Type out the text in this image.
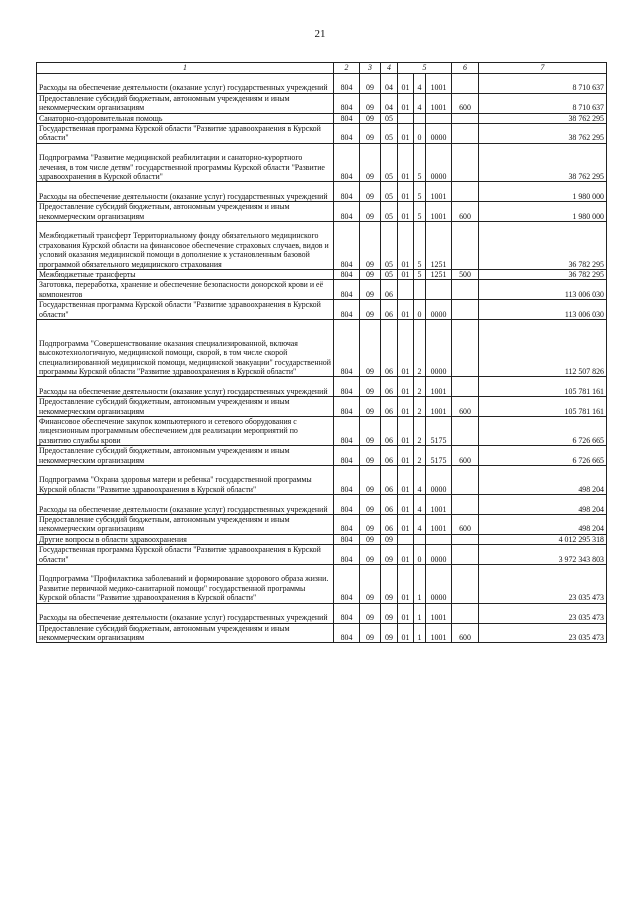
21
1	2	3	4	5			6	7
Расходы на обеспечение деятельности (оказание услуг) государственных учреждений	804	09	04	01	4	1001		8 710 637
Предоставление субсидий бюджетным, автономным учреждениям и иным некоммерческим организациям	804	09	04	01	4	1001	600	8 710 637
Санаторно-оздоровительная помощь	804	09	05					38 762 295
Государственная программа Курской области "Развитие здравоохранения в Курской области"	804	09	05	01	0	0000		38 762 295
Подпрограмма "Развитие медицинской реабилитации и санаторно-курортного лечения, в том числе детям" государственной программы Курской области "Развитие здравоохранения в Курской области"	804	09	05	01	5	0000		38 762 295
Расходы на обеспечение деятельности (оказание услуг) государственных учреждений	804	09	05	01	5	1001		1 980 000
Предоставление субсидий бюджетным, автономным учреждениям и иным некоммерческим организациям	804	09	05	01	5	1001	600	1 980 000
Межбюджетный трансферт Территориальному фонду обязательного медицинского страхования Курской области на финансовое обеспечение страховых случаев, видов и условий оказания медицинской помощи в дополнение к установленным базовой программой обязательного медицинского страхования	804	09	05	01	5	1251		36 782 295
Межбюджетные трансферты	804	09	05	01	5	1251	500	36 782 295
Заготовка, переработка, хранение и обеспечение безопасности донорской крови и её компонентов	804	09	06					113 006 030
Государственная программа Курской области "Развитие здравоохранения в Курской области"	804	09	06	01	0	0000		113 006 030
Подпрограмма "Совершенствование оказания специализированной, включая высокотехнологичную, медицинской помощи, скорой, в том числе скорой специализированной медицинской помощи, медицинской эвакуации" государственной программы Курской области "Развитие здравоохранения в Курской области"	804	09	06	01	2	0000		112 507 826
Расходы на обеспечение деятельности (оказание услуг) государственных учреждений	804	09	06	01	2	1001		105 781 161
Предоставление субсидий бюджетным, автономным учреждениям и иным некоммерческим организациям	804	09	06	01	2	1001	600	105 781 161
Финансовое обеспечение закупок компьютерного и сетевого оборудования с лицензионным программным обеспечением для реализации мероприятий по развитию службы крови	804	09	06	01	2	5175		6 726 665
Предоставление субсидий бюджетным, автономным учреждениям и иным некоммерческим организациям	804	09	06	01	2	5175	600	6 726 665
Подпрограмма "Охрана здоровья матери и ребенка" государственной программы Курской области "Развитие здравоохранения в Курской области"	804	09	06	01	4	0000		498 204
Расходы на обеспечение деятельности (оказание услуг) государственных учреждений	804	09	06	01	4	1001		498 204
Предоставление субсидий бюджетным, автономным учреждениям и иным некоммерческим организациям	804	09	06	01	4	1001	600	498 204
Другие вопросы в области здравоохранения	804	09	09					4 012 295 318
Государственная программа Курской области "Развитие здравоохранения в Курской области"	804	09	09	01	0	0000		3 972 343 803
Подпрограмма "Профилактика заболеваний и формирование здорового образа жизни. Развитие первичной медико-санитарной помощи" государственной программы Курской области "Развитие здравоохранения в Курской области"	804	09	09	01	1	0000		23 035 473
Расходы на обеспечение деятельности (оказание услуг) государственных учреждений	804	09	09	01	1	1001		23 035 473
Предоставление субсидий бюджетным, автономным учреждениям и иным некоммерческим организациям	804	09	09	01	1	1001	600	23 035 473
